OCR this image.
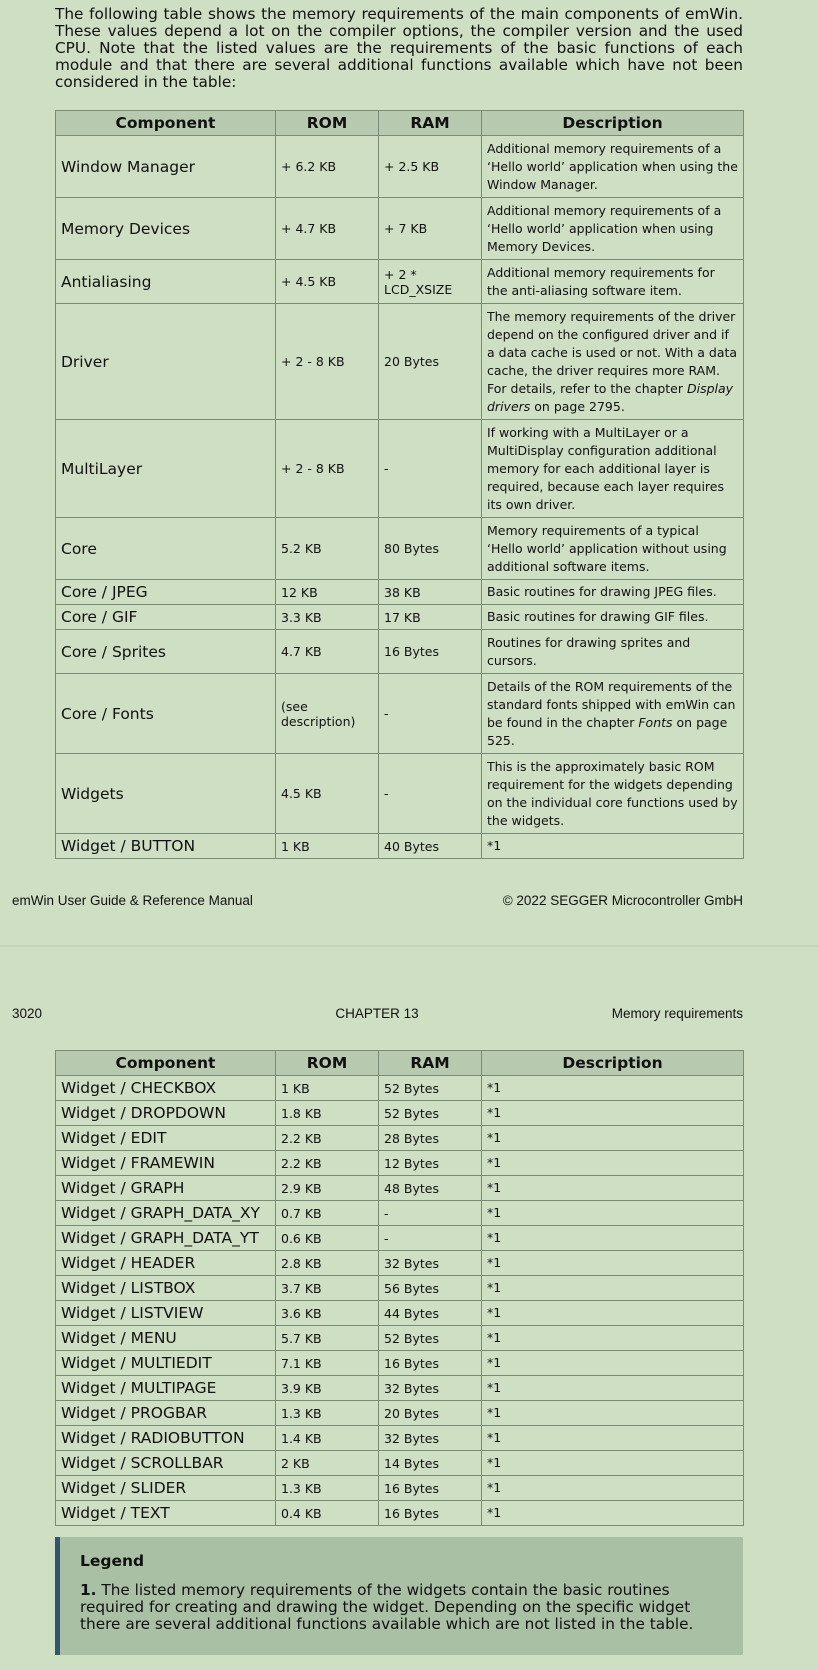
The following table shows the memory requirements of the main components of emWin. These values depend a lot on the compiler options, the compiler version and the used CPU. Note that the listed values are the requirements of the basic functions of each module and that there are several additional functions available which have not been considered in the table:

Component	ROM	RAM	Description
Window Manager	+ 6.2 KB	+ 2.5 KB	Additional memory requirements of a ‘Hello world’ application when using the Window Manager.
Memory Devices	+ 4.7 KB	+ 7 KB	Additional memory requirements of a ‘Hello world’ application when using Memory Devices.
Antialiasing	+ 4.5 KB	+ 2 * LCD_XSIZE	Additional memory requirements for the anti-aliasing software item.
Driver	+ 2 - 8 KB	20 Bytes	The memory requirements of the driver depend on the configured driver and if a data cache is used or not. With a data cache, the driver requires more RAM. For details, refer to the chapter Display drivers on page 2795.
MultiLayer	+ 2 - 8 KB	-	If working with a MultiLayer or a MultiDisplay configuration additional memory for each additional layer is required, because each layer requires its own driver.
Core	5.2 KB	80 Bytes	Memory requirements of a typical ‘Hello world’ application without using additional software items.
Core / JPEG	12 KB	38 KB	Basic routines for drawing JPEG files.
Core / GIF	3.3 KB	17 KB	Basic routines for drawing GIF files.
Core / Sprites	4.7 KB	16 Bytes	Routines for drawing sprites and cursors.
Core / Fonts	(see description)	-	Details of the ROM requirements of the standard fonts shipped with emWin can be found in the chapter Fonts on page 525.
Widgets	4.5 KB	-	This is the approximately basic ROM requirement for the widgets depending on the individual core functions used by the widgets.
Widget / BUTTON	1 KB	40 Bytes	*1
emWin User Guide & Reference Manual	© 2022 SEGGER Microcontroller GmbH
3020	CHAPTER 13	Memory requirements
Component	ROM	RAM	Description
Widget / CHECKBOX	1 KB	52 Bytes	*1
Widget / DROPDOWN	1.8 KB	52 Bytes	*1
Widget / EDIT	2.2 KB	28 Bytes	*1
Widget / FRAMEWIN	2.2 KB	12 Bytes	*1
Widget / GRAPH	2.9 KB	48 Bytes	*1
Widget / GRAPH_DATA_XY	0.7 KB	-	*1
Widget / GRAPH_DATA_YT	0.6 KB	-	*1
Widget / HEADER	2.8 KB	32 Bytes	*1
Widget / LISTBOX	3.7 KB	56 Bytes	*1
Widget / LISTVIEW	3.6 KB	44 Bytes	*1
Widget / MENU	5.7 KB	52 Bytes	*1
Widget / MULTIEDIT	7.1 KB	16 Bytes	*1
Widget / MULTIPAGE	3.9 KB	32 Bytes	*1
Widget / PROGBAR	1.3 KB	20 Bytes	*1
Widget / RADIOBUTTON	1.4 KB	32 Bytes	*1
Widget / SCROLLBAR	2 KB	14 Bytes	*1
Widget / SLIDER	1.3 KB	16 Bytes	*1
Widget / TEXT	0.4 KB	16 Bytes	*1

Legend

1. The listed memory requirements of the widgets contain the basic routines required for creating and drawing the widget. Depending on the specific widget there are several additional functions available which are not listed in the table.
